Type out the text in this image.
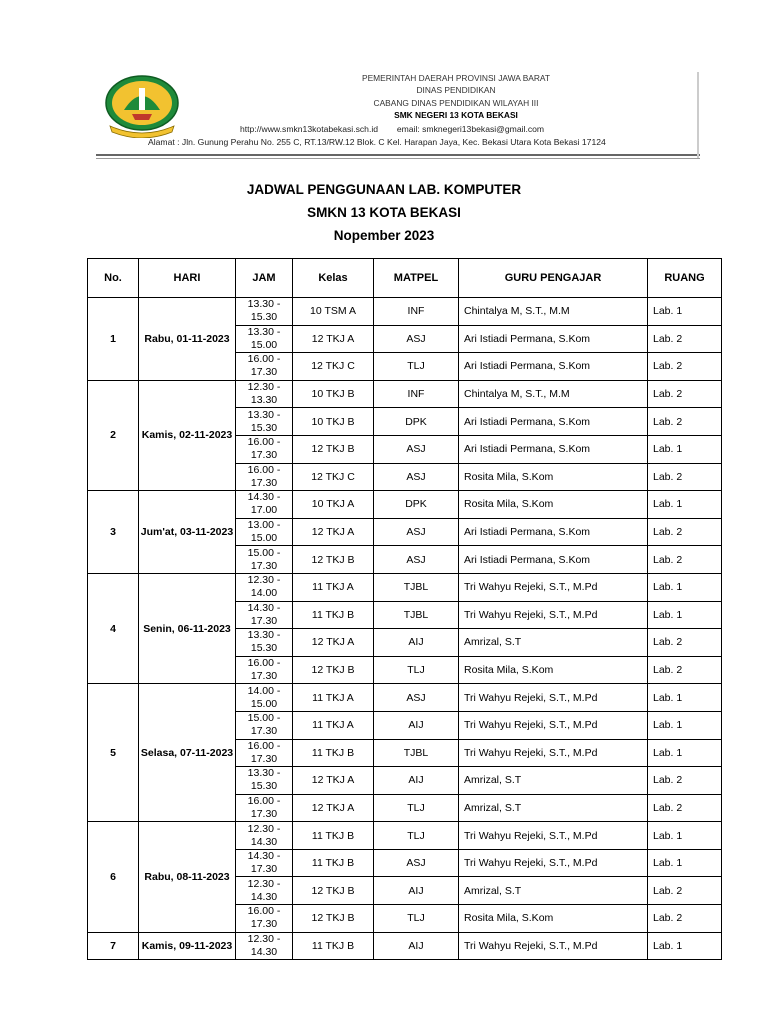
PEMERINTAH DAERAH PROVINSI JAWA BARAT
DINAS PENDIDIKAN
CABANG DINAS PENDIDIKAN WILAYAH III
SMK NEGERI 13 KOTA BEKASI
http://www.smkn13kotabekasi.sch.id email: smknegeri13bekasi@gmail.com
Alamat : Jln. Gunung Perahu No. 255 C, RT.13/RW.12 Blok. C Kel. Harapan Jaya, Kec. Bekasi Utara Kota Bekasi 17124
JADWAL PENGGUNAAN LAB. KOMPUTER
SMKN 13 KOTA BEKASI
Nopember 2023
No.	HARI	JAM	Kelas	MATPEL	GURU PENGAJAR	RUANG
1	Rabu, 01-11-2023	13.30 - 15.30	10 TSM A	INF	Chintalya M, S.T., M.M	Lab. 1
		13.30 - 15.00	12 TKJ A	ASJ	Ari Istiadi Permana, S.Kom	Lab. 2
		16.00 - 17.30	12 TKJ C	TLJ	Ari Istiadi Permana, S.Kom	Lab. 2
2	Kamis, 02-11-2023	12.30 - 13.30	10 TKJ B	INF	Chintalya M, S.T., M.M	Lab. 2
		13.30 - 15.30	10 TKJ B	DPK	Ari Istiadi Permana, S.Kom	Lab. 2
		16.00 - 17.30	12 TKJ B	ASJ	Ari Istiadi Permana, S.Kom	Lab. 1
		16.00 - 17.30	12 TKJ C	ASJ	Rosita Mila, S.Kom	Lab. 2
3	Jum'at, 03-11-2023	14.30 - 17.00	10 TKJ A	DPK	Rosita Mila, S.Kom	Lab. 1
		13.00 - 15.00	12 TKJ A	ASJ	Ari Istiadi Permana, S.Kom	Lab. 2
		15.00 - 17.30	12 TKJ B	ASJ	Ari Istiadi Permana, S.Kom	Lab. 2
4	Senin, 06-11-2023	12.30 - 14.00	11 TKJ A	TJBL	Tri Wahyu Rejeki, S.T., M.Pd	Lab. 1
		14.30 - 17.30	11 TKJ B	TJBL	Tri Wahyu Rejeki, S.T., M.Pd	Lab. 1
		13.30 - 15.30	12 TKJ A	AIJ	Amrizal, S.T	Lab. 2
		16.00 - 17.30	12 TKJ B	TLJ	Rosita Mila, S.Kom	Lab. 2
5	Selasa, 07-11-2023	14.00 - 15.00	11 TKJ A	ASJ	Tri Wahyu Rejeki, S.T., M.Pd	Lab. 1
		15.00 - 17.30	11 TKJ A	AIJ	Tri Wahyu Rejeki, S.T., M.Pd	Lab. 1
		16.00 - 17.30	11 TKJ B	TJBL	Tri Wahyu Rejeki, S.T., M.Pd	Lab. 1
		13.30 - 15.30	12 TKJ A	AIJ	Amrizal, S.T	Lab. 2
		16.00 - 17.30	12 TKJ A	TLJ	Amrizal, S.T	Lab. 2
6	Rabu, 08-11-2023	12.30 - 14.30	11 TKJ B	TLJ	Tri Wahyu Rejeki, S.T., M.Pd	Lab. 1
		14.30 - 17.30	11 TKJ B	ASJ	Tri Wahyu Rejeki, S.T., M.Pd	Lab. 1
		12.30 - 14.30	12 TKJ B	AIJ	Amrizal, S.T	Lab. 2
		16.00 - 17.30	12 TKJ B	TLJ	Rosita Mila, S.Kom	Lab. 2
7	Kamis, 09-11-2023	12.30 - 14.30	11 TKJ B	AIJ	Tri Wahyu Rejeki, S.T., M.Pd	Lab. 1
